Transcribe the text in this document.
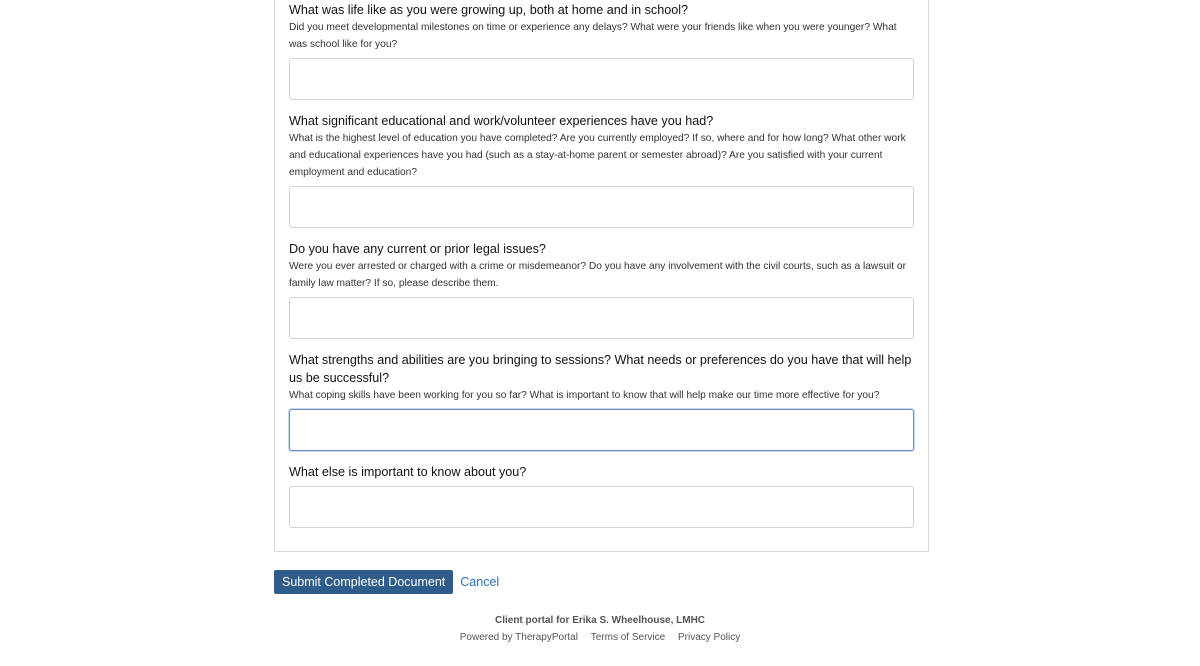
What was life like as you were growing up, both at home and in school?
Did you meet developmental milestones on time or experience any delays? What were your friends like when you were younger? What was school like for you?
What significant educational and work/volunteer experiences have you had?
What is the highest level of education you have completed? Are you currently employed? If so, where and for how long? What other work and educational experiences have you had (such as a stay-at-home parent or semester abroad)? Are you satisfied with your current employment and education?
Do you have any current or prior legal issues?
Were you ever arrested or charged with a crime or misdemeanor? Do you have any involvement with the civil courts, such as a lawsuit or family law matter? If so, please describe them.
What strengths and abilities are you bringing to sessions? What needs or preferences do you have that will help us be successful?
What coping skills have been working for you so far? What is important to know that will help make our time more effective for you?
What else is important to know about you?
Submit Completed Document	Cancel
Client portal for Erika S. Wheelhouse, LMHC
Powered by TherapyPortal Terms of Service Privacy Policy
